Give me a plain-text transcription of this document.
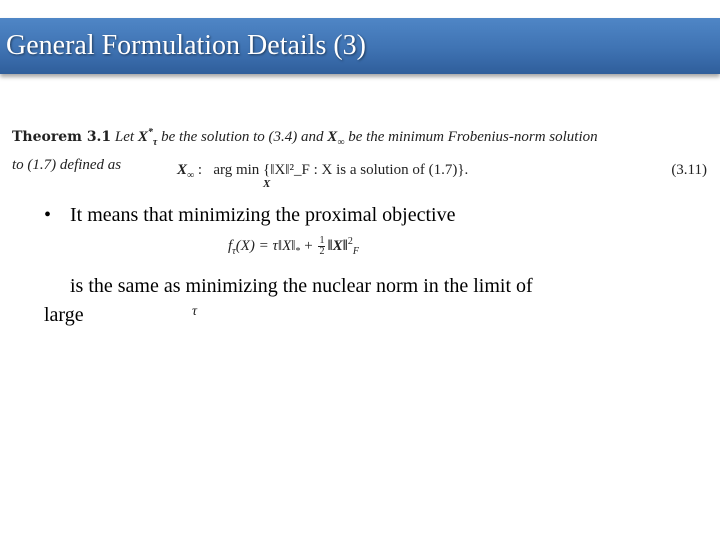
General Formulation Details (3)
Theorem 3.1 Let $X^*_\tau$ be the solution to (3.4) and $X_\infty$ be the minimum Frobenius-norm solution
to (1.7) defined as	$X_\infty$ : arg min {‖X‖²_F : X is a solution of (1.7)}.
X
(3.11)
• It means that minimizing the proximal objective
$f_\tau(X)$ = $\tau‖X‖_* + \frac{1}{2}$ ‖X‖$^2_F$
is the same as minimizing the nuclear norm in the limit of
large	τ
